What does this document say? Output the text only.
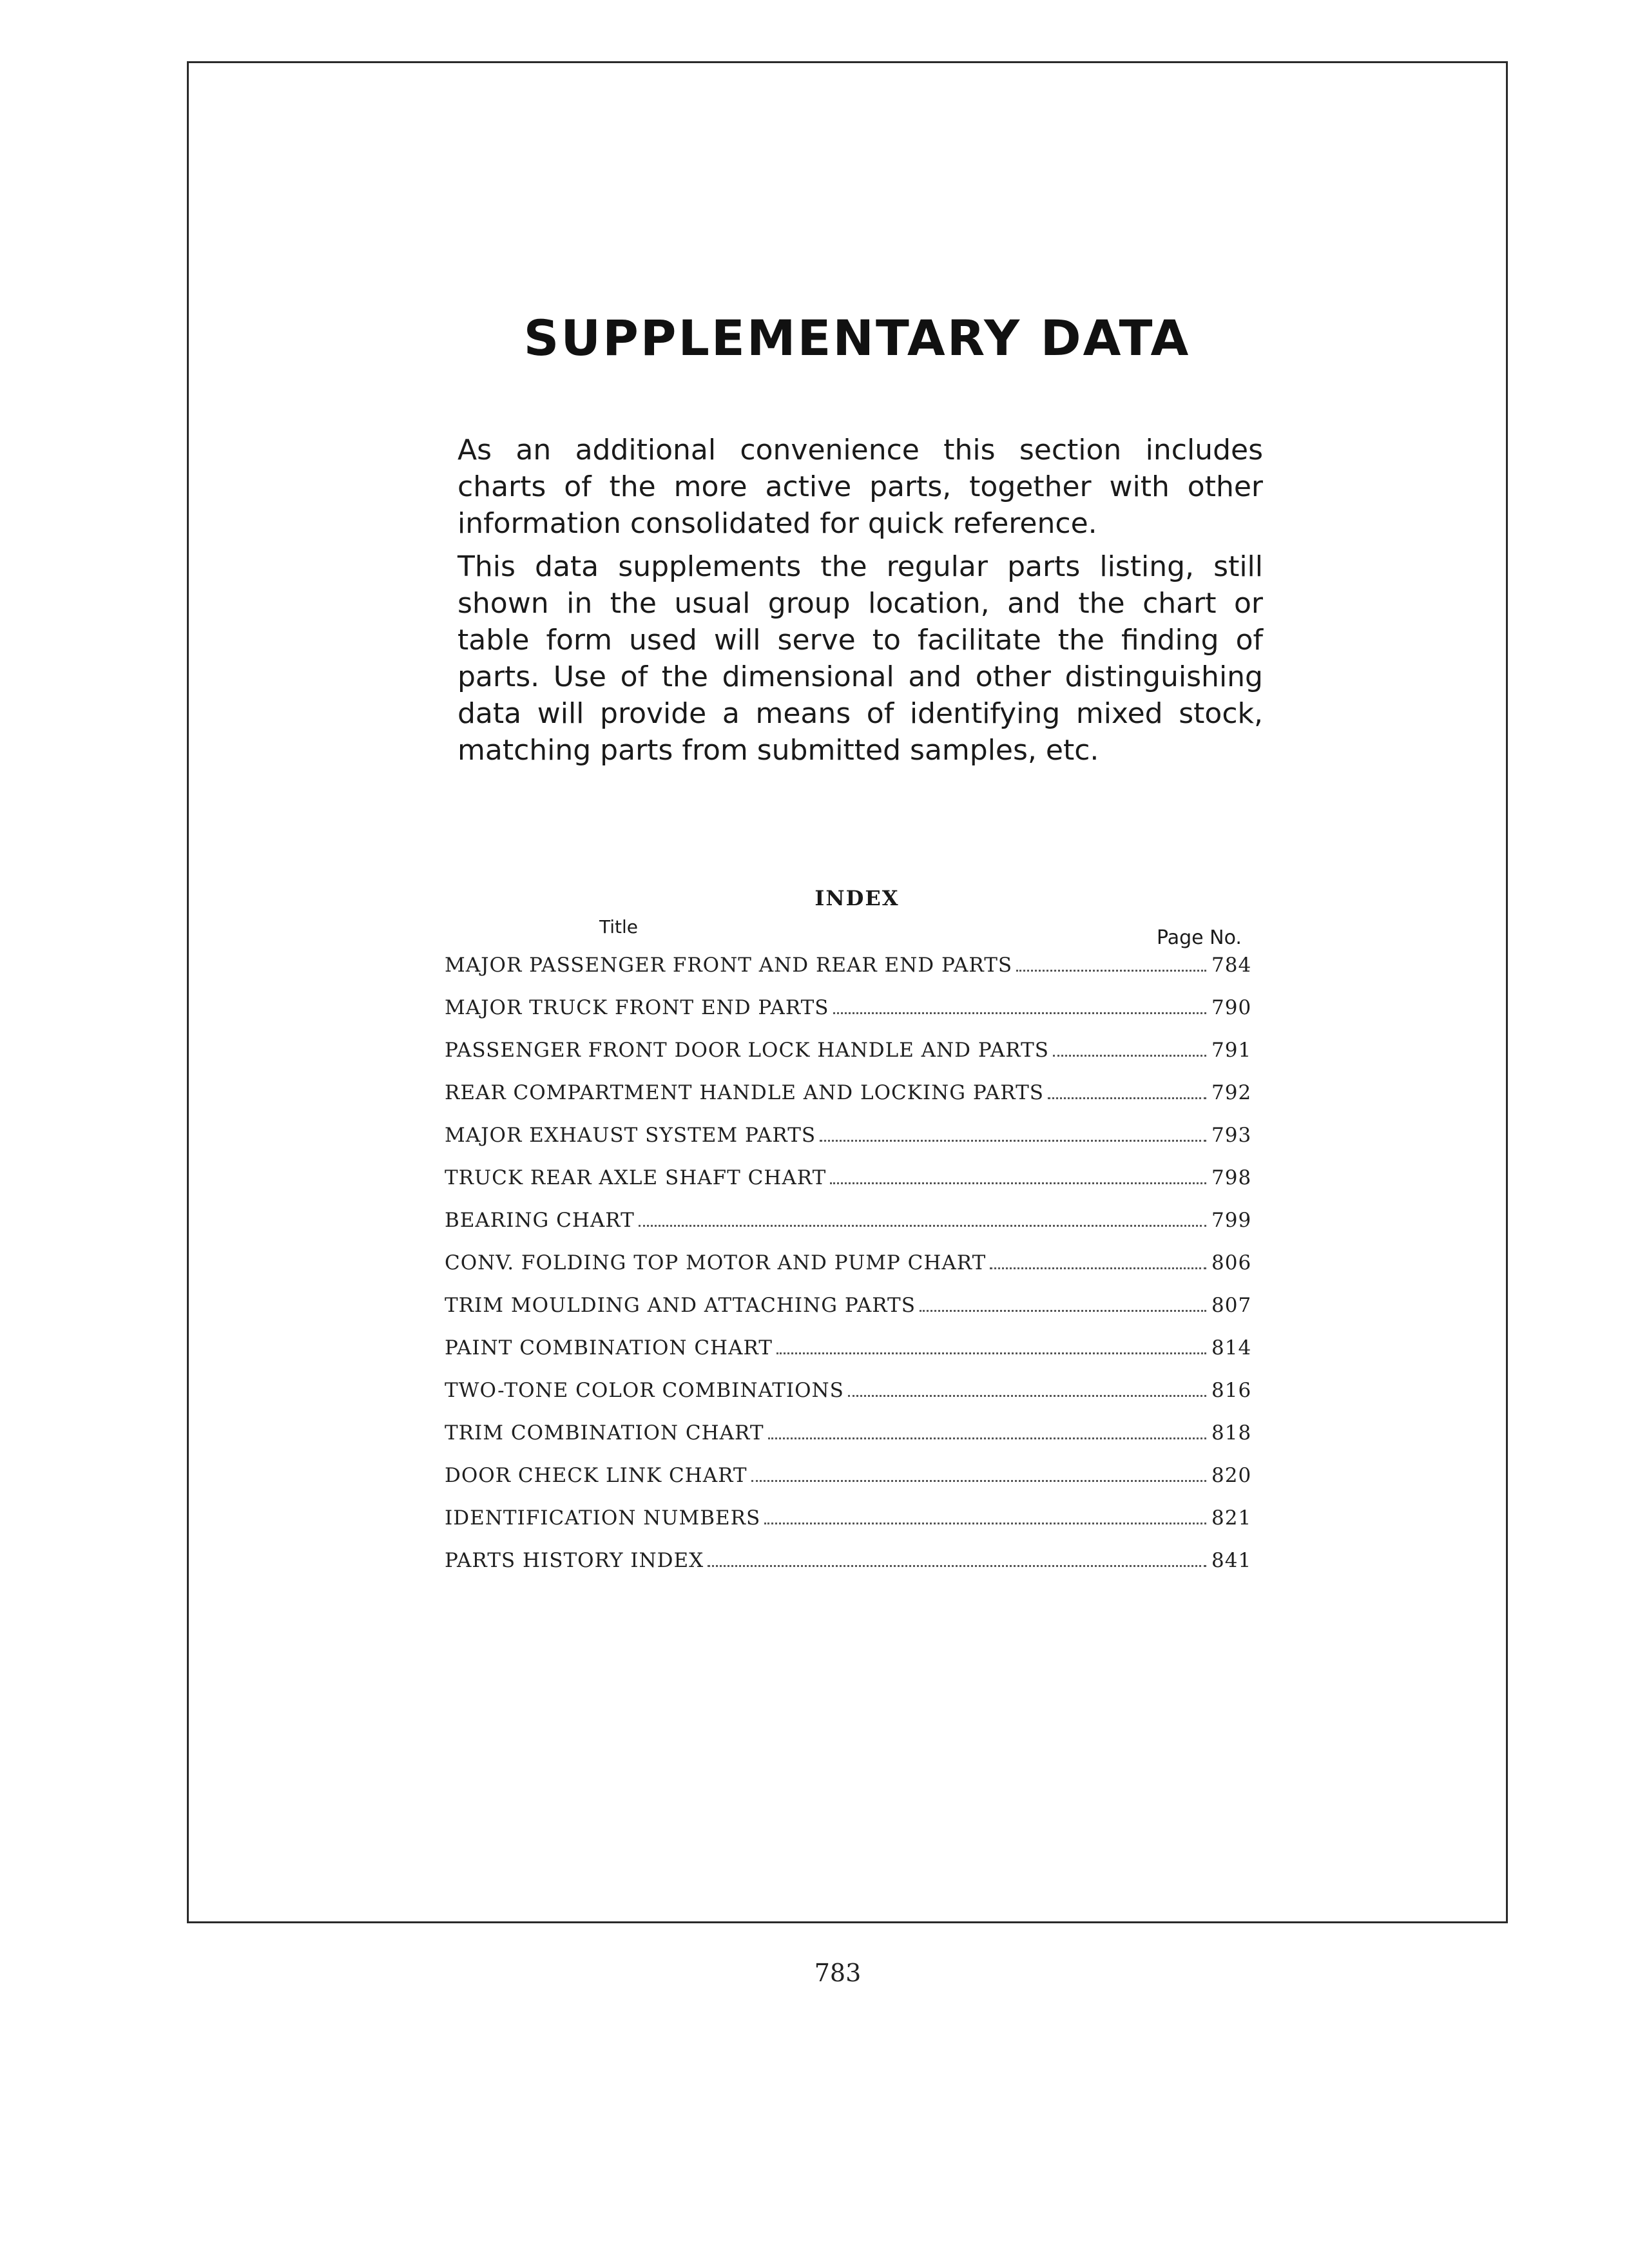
SUPPLEMENTARY DATA

As an additional convenience this section includes charts of the more active parts, together with other information consolidated for quick reference.

This data supplements the regular parts listing, still shown in the usual group location, and the chart or table form used will serve to facilitate the finding of parts. Use of the dimensional and other distinguishing data will provide a means of identifying mixed stock, matching parts from submitted samples, etc.

INDEX
Title	Page No.
MAJOR PASSENGER FRONT AND REAR END PARTS	784
MAJOR TRUCK FRONT END PARTS	790
PASSENGER FRONT DOOR LOCK HANDLE AND PARTS	791
REAR COMPARTMENT HANDLE AND LOCKING PARTS	792
MAJOR EXHAUST SYSTEM PARTS	793
TRUCK REAR AXLE SHAFT CHART	798
BEARING CHART	799
CONV. FOLDING TOP MOTOR AND PUMP CHART	806
TRIM MOULDING AND ATTACHING PARTS	807
PAINT COMBINATION CHART	814
TWO-TONE COLOR COMBINATIONS	816
TRIM COMBINATION CHART	818
DOOR CHECK LINK CHART	820
IDENTIFICATION NUMBERS	821
PARTS HISTORY INDEX	841
783
